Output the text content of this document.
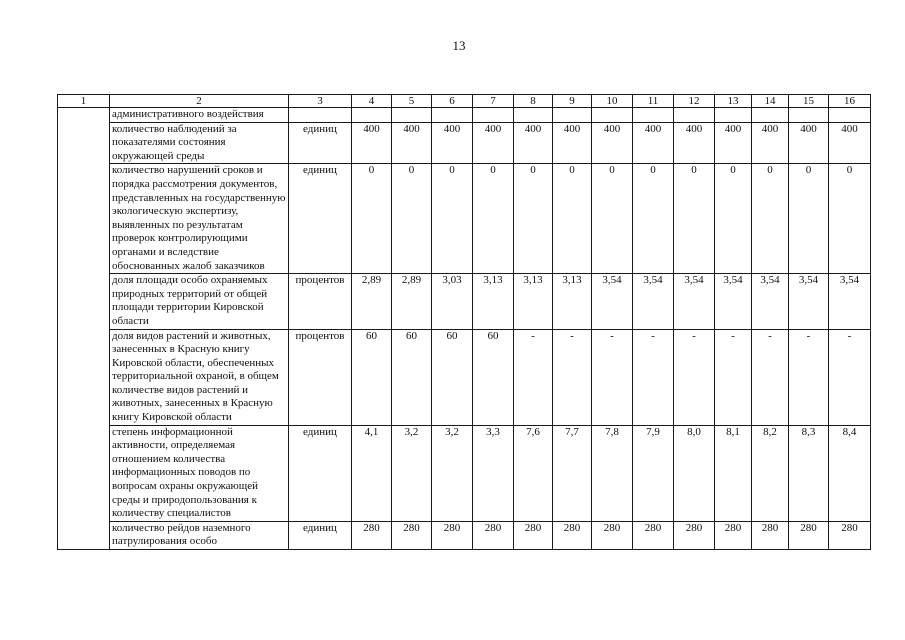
13
1	2	3	4	5	6	7	8	9	10	11	12	13	14	15	16
	административного воздействия														
	количество наблюдений за показателями состояния окружающей среды	единиц	400	400	400	400	400	400	400	400	400	400	400	400	400
	количество нарушений сроков и порядка рассмотрения документов, представленных на государственную экологическую экспертизу, выявленных по результатам проверок контролирующими органами и вследствие обоснованных жалоб заказчиков	единиц	0	0	0	0	0	0	0	0	0	0	0	0	0
	доля площади особо охраняемых природных территорий от общей площади территории Кировской области	процентов	2,89	2,89	3,03	3,13	3,13	3,13	3,54	3,54	3,54	3,54	3,54	3,54	3,54
	доля видов растений и животных, занесенных в Красную книгу Кировской области, обеспеченных территориальной охраной, в общем количестве видов растений и животных, занесенных в Красную книгу Кировской области	процентов	60	60	60	60	-	-	-	-	-	-	-	-	-
	степень информационной активности, определяемая отношением количества информационных поводов по вопросам охраны окружающей среды и природопользования к количеству специалистов	единиц	4,1	3,2	3,2	3,3	7,6	7,7	7,8	7,9	8,0	8,1	8,2	8,3	8,4
	количество рейдов наземного патрулирования особо	единиц	280	280	280	280	280	280	280	280	280	280	280	280	280
